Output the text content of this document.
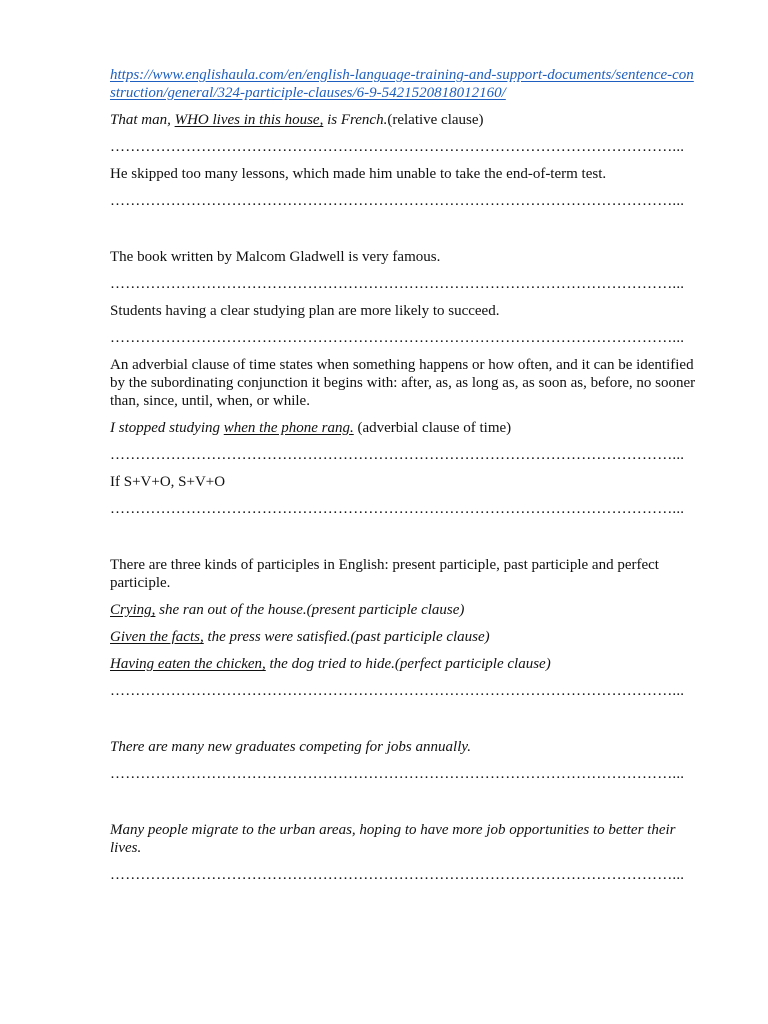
https://www.englishaula.com/en/english-language-training-and-support-documents/sentence-construction/general/324-participle-clauses/6-9-5421520818012160/

That man, WHO lives in this house, is French.(relative clause)

…………………………………………………………………………………………………...

He skipped too many lessons, which made him unable to take the end-of-term test.

…………………………………………………………………………………………………...

The book written by Malcom Gladwell is very famous.

…………………………………………………………………………………………………...

Students having a clear studying plan are more likely to succeed.

…………………………………………………………………………………………………...

An adverbial clause of time states when something happens or how often, and it can be identified by the subordinating conjunction it begins with: after, as, as long as, as soon as, before, no sooner than, since, until, when, or while.

I stopped studying when the phone rang. (adverbial clause of time)

…………………………………………………………………………………………………...

If S+V+O, S+V+O

…………………………………………………………………………………………………...

There are three kinds of participles in English: present participle, past participle and perfect participle.

Crying, she ran out of the house.(present participle clause)

Given the facts, the press were satisfied.(past participle clause)

Having eaten the chicken, the dog tried to hide.(perfect participle clause)

…………………………………………………………………………………………………...

There are many new graduates competing for jobs annually.

…………………………………………………………………………………………………...

Many people migrate to the urban areas, hoping to have more job opportunities to better their lives.

…………………………………………………………………………………………………...
